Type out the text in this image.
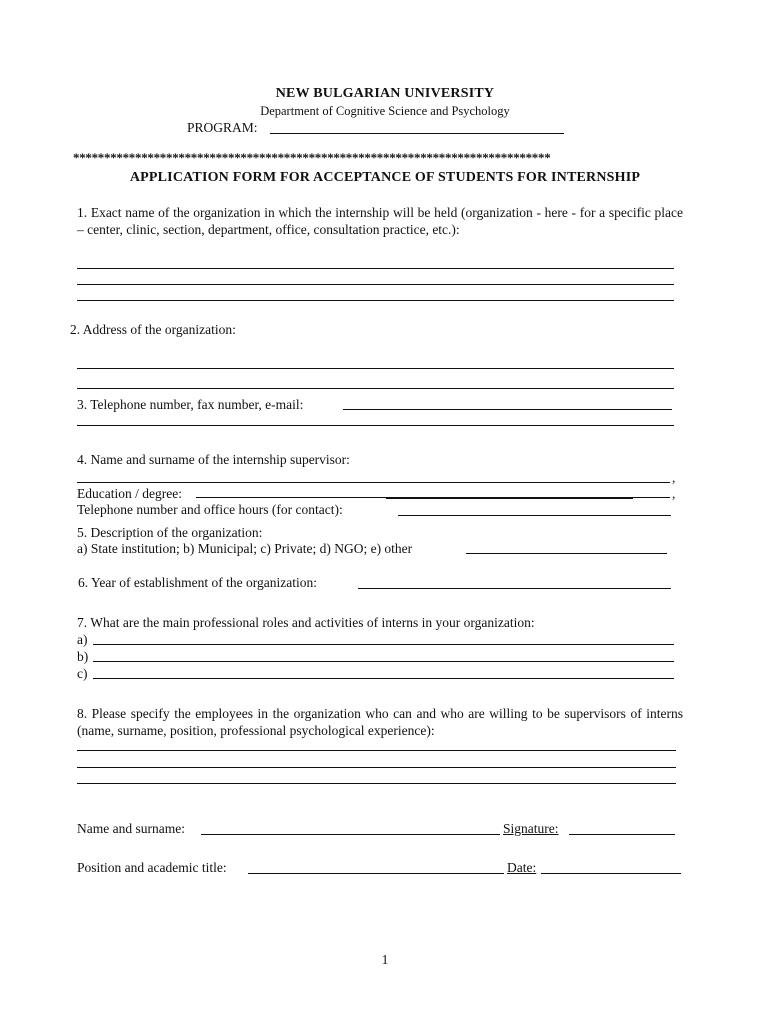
NEW BULGARIAN UNIVERSITY
Department of Cognitive Science and Psychology
PROGRAM:
*****************************************************************************
APPLICATION FORM FOR ACCEPTANCE OF STUDENTS FOR INTERNSHIP
1. Exact name of the organization in which the internship will be held (organization - here - for a specific place – center, clinic, section, department, office, consultation practice, etc.):
2. Address of the organization:
3. Telephone number, fax number, e-mail:
4. Name and surname of the internship supervisor:
,
Education / degree:	,
Telephone number and office hours (for contact):
5. Description of the organization:
a) State institution; b) Municipal; c) Private; d) NGO; e) other
6. Year of establishment of the organization:
7. What are the main professional roles and activities of interns in your organization:
a)
b)
c)
8. Please specify the employees in the organization who can and who are willing to be supervisors of interns (name, surname, position, professional psychological experience):
Name and surname:	Signature:
Position and academic title:	Date:
1
